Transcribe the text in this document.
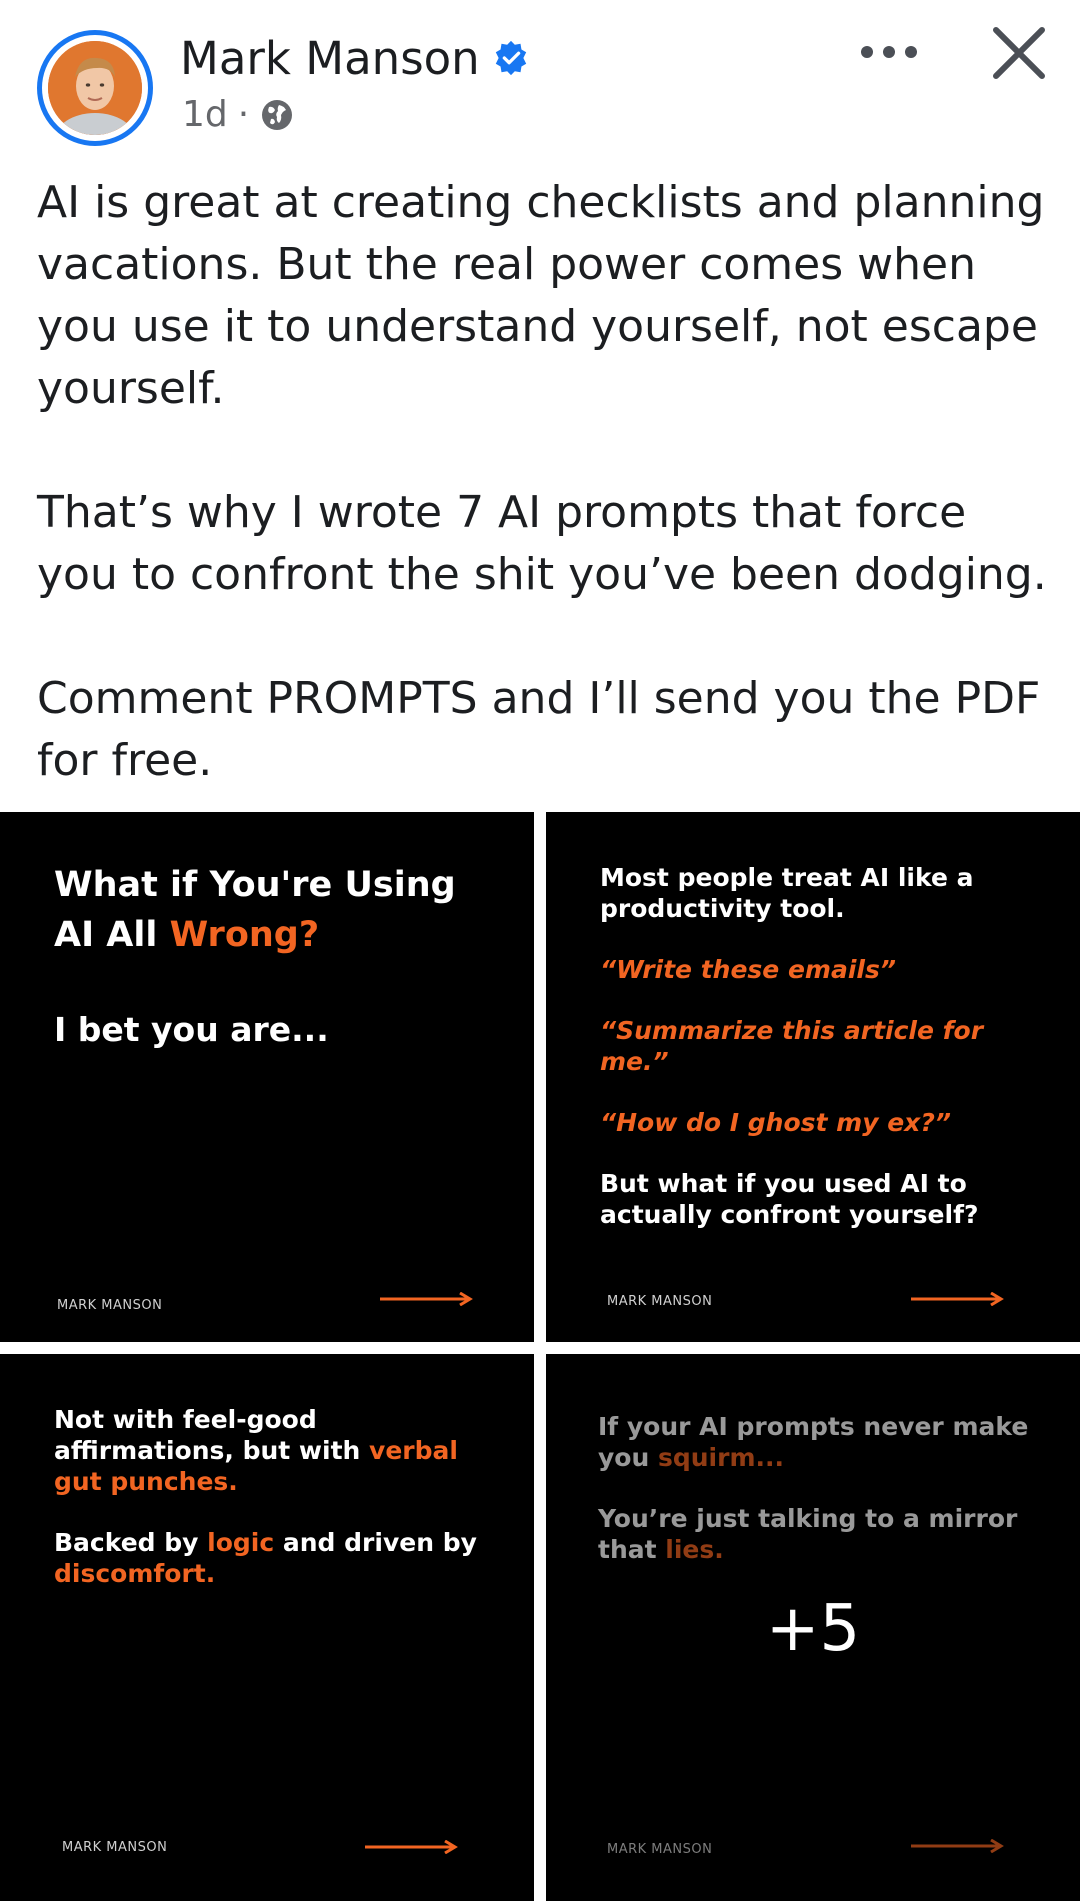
Mark Manson
1d ·

AI is great at creating checklists and planning vacations. But the real power comes when you use it to understand yourself, not escape yourself.

That’s why I wrote 7 AI prompts that force you to confront the shit you’ve been dodging.

Comment PROMPTS and I’ll send you the PDF for free.

What if You're Using
AI All Wrong?
I bet you are...
MARK MANSON
Most people treat AI like a productivity tool.
“Write these emails”
“Summarize this article for me.”
“How do I ghost my ex?”
But what if you used AI to actually confront yourself?
MARK MANSON
Not with feel-good affirmations, but with verbal gut punches.
Backed by logic and driven by discomfort.
MARK MANSON
If your AI prompts never make you squirm...
You’re just talking to a mirror that lies.
MARK MANSON
+5
